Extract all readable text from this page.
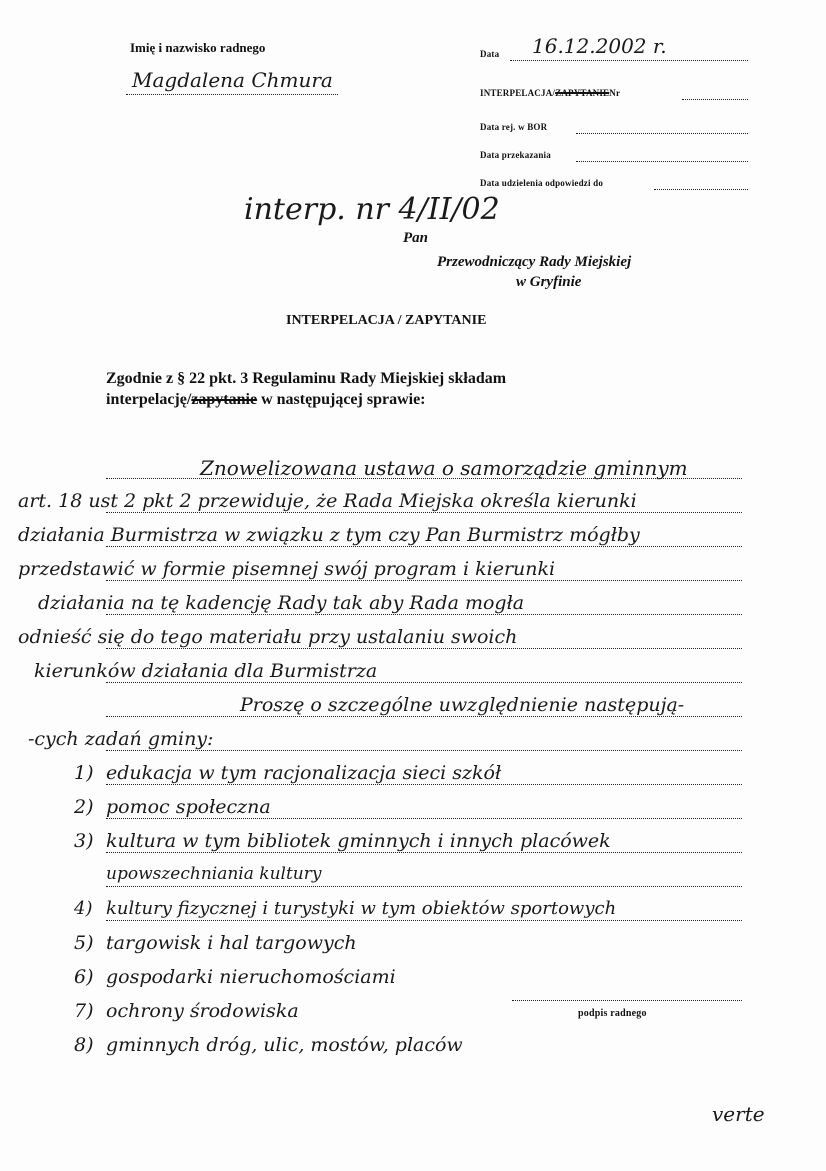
Imię i nazwisko radnego
Magdalena Chmura
Data 16.12.2002 r.
INTERPELACJA/ZAPYTANIENr
Data rej. w BOR
Data przekazania
Data udzielenia odpowiedzi do
interp. nr 4/II/02
Pan
Przewodniczący Rady Miejskiej
w Gryfinie
INTERPELACJA / ZAPYTANIE
Zgodnie z § 22 pkt. 3 Regulaminu Rady Miejskiej składam
interpelację/zapytanie w następującej sprawie:
Znowelizowana ustawa o samorządzie gminnym
art. 18 ust 2 pkt 2 przewiduje, że Rada Miejska określa kierunki
działania Burmistrza w związku z tym czy Pan Burmistrz mógłby
przedstawić w formie pisemnej swój program i kierunki
działania na tę kadencję Rady tak aby Rada mogła
odnieść się do tego materiału przy ustalaniu swoich
kierunków działania dla Burmistrza
Proszę o szczególne uwzględnienie następują-
-cych zadań gminy:
1) edukacja w tym racjonalizacja sieci szkół
2) pomoc społeczna
3) kultura w tym bibliotek gminnych i innych placówek
upowszechniania kultury
4) kultury fizycznej i turystyki w tym obiektów sportowych
5) targowisk i hal targowych
6) gospodarki nieruchomościami
7) ochrony środowiska
8) gminnych dróg, ulic, mostów, placów
podpis radnego
verte
